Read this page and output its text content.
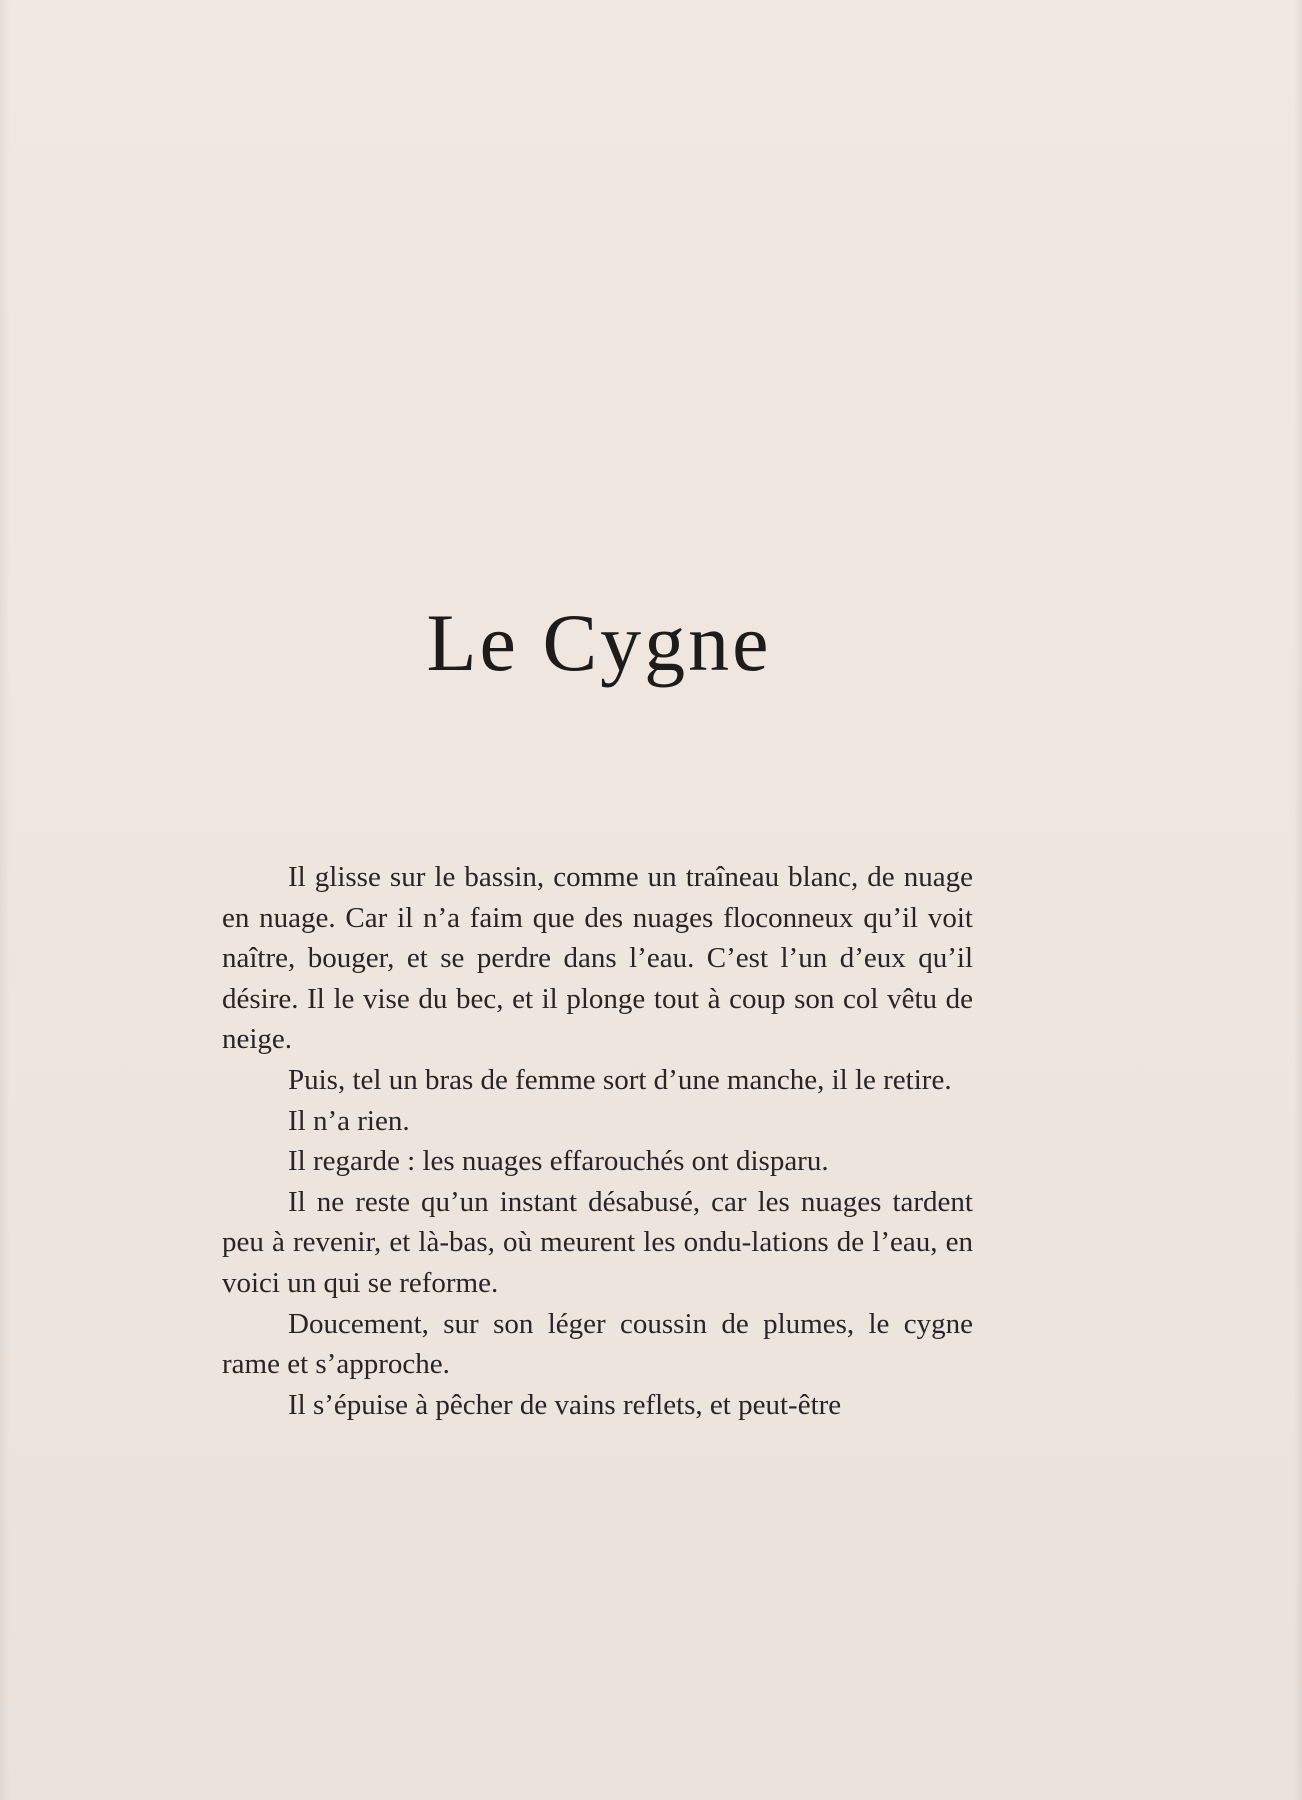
Le Cygne

Il glisse sur le bassin, comme un traîneau blanc, de nuage en nuage. Car il n’a faim que des nuages floconneux qu’il voit naître, bouger, et se perdre dans l’eau. C’est l’un d’eux qu’il désire. Il le vise du bec, et il plonge tout à coup son col vêtu de neige.

Puis, tel un bras de femme sort d’une manche, il le retire.

Il n’a rien.

Il regarde : les nuages effarouchés ont disparu.

Il ne reste qu’un instant désabusé, car les nuages tardent peu à revenir, et là-bas, où meurent les ondu-lations de l’eau, en voici un qui se reforme.

Doucement, sur son léger coussin de plumes, le cygne rame et s’approche.

Il s’épuise à pêcher de vains reflets, et peut-être
